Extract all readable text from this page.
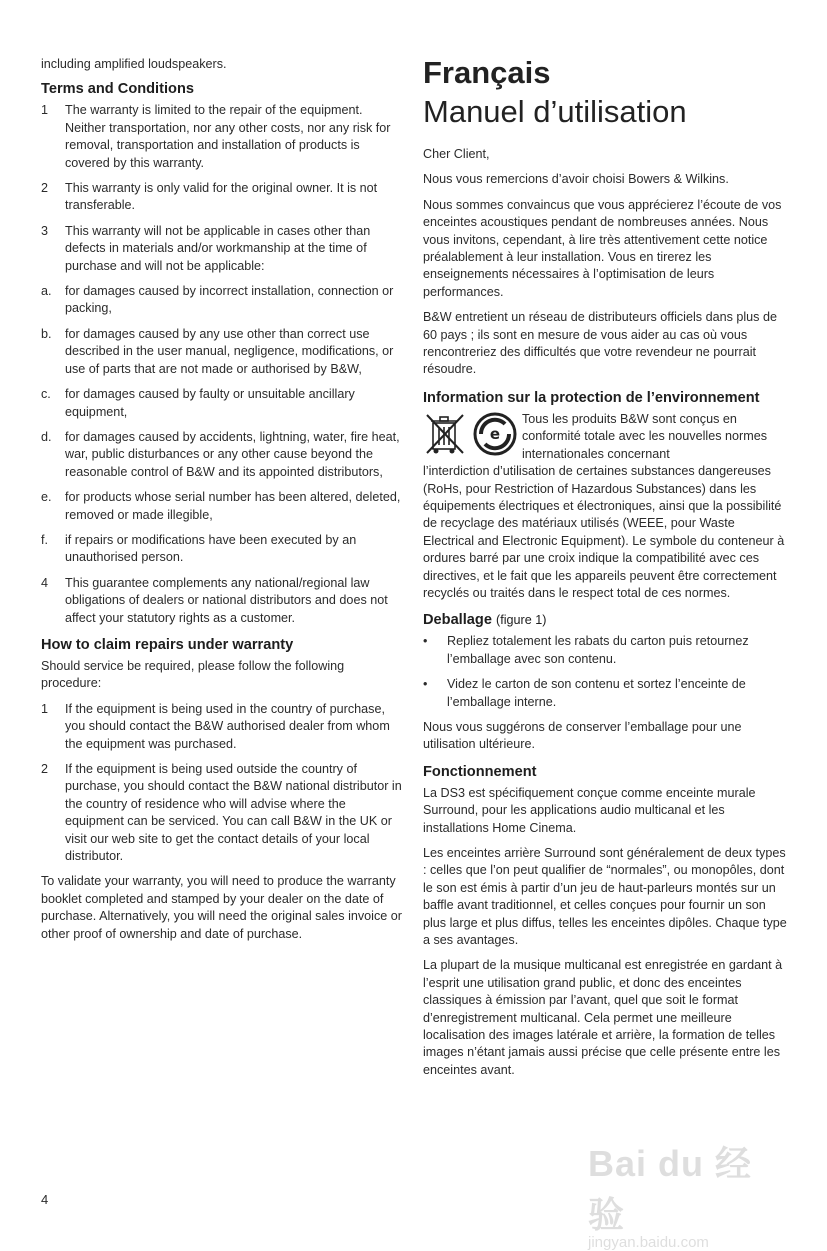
including amplified loudspeakers.

Terms and Conditions
1	The warranty is limited to the repair of the equipment. Neither transportation, nor any other costs, nor any risk for removal, transportation and installation of products is covered by this warranty.
2	This warranty is only valid for the original owner. It is not transferable.
3	This warranty will not be applicable in cases other than defects in materials and/or workmanship at the time of purchase and will not be applicable:
a.	for damages caused by incorrect installation, connection or packing,
b.	for damages caused by any use other than correct use described in the user manual, negligence, modifications, or use of parts that are not made or authorised by B&W,
c.	for damages caused by faulty or unsuitable ancillary equipment,
d.	for damages caused by accidents, lightning, water, fire heat, war, public disturbances or any other cause beyond the reasonable control of B&W and its appointed distributors,
e.	for products whose serial number has been altered, deleted, removed or made illegible,
f.	if repairs or modifications have been executed by an unauthorised person.
4	This guarantee complements any national/regional law obligations of dealers or national distributors and does not affect your statutory rights as a customer.
How to claim repairs under warranty

Should service be required, please follow the following procedure:

1	If the equipment is being used in the country of purchase, you should contact the B&W authorised dealer from whom the equipment was purchased.
2	If the equipment is being used outside the country of purchase, you should contact the B&W national distributor in the country of residence who will advise where the equipment can be serviced. You can call B&W in the UK or visit our web site to get the contact details of your local distributor.

To validate your warranty, you will need to produce the warranty booklet completed and stamped by your dealer on the date of purchase. Alternatively, you will need the original sales invoice or other proof of ownership and date of purchase.

Français
Manuel d’utilisation

Cher Client,

Nous vous remercions d’avoir choisi Bowers & Wilkins.

Nous sommes convaincus que vous apprécierez l’écoute de vos enceintes acoustiques pendant de nombreuses années. Nous vous invitons, cependant, à lire très attentivement cette notice préalablement à leur installation. Vous en tirerez les enseignements nécessaires à l’optimisation de leurs performances.

B&W entretient un réseau de distributeurs officiels dans plus de 60 pays ; ils sont en mesure de vous aider au cas où vous rencontreriez des difficultés que votre revendeur ne pourrait résoudre.

Information sur la protection de l’environnement
e
Tous les produits B&W sont conçus en conformité totale avec les nouvelles normes internationales concernant

l’interdiction d’utilisation de certaines substances dangereuses (RoHs, pour Restriction of Hazardous Substances) dans les équipements électriques et électroniques, ainsi que la possibilité de recyclage des matériaux utilisés (WEEE, pour Waste Electrical and Electronic Equipment). Le symbole du conteneur à ordures barré par une croix indique la compatibilité avec ces directives, et le fait que les appareils peuvent être correctement recyclés ou traités dans le respect total de ces normes.

Deballage (figure 1)
•	Repliez totalement les rabats du carton puis retournez l’emballage avec son contenu.
•	Videz le carton de son contenu et sortez l’enceinte de l’emballage interne.

Nous vous suggérons de conserver l’emballage pour une utilisation ultérieure.

Fonctionnement

La DS3 est spécifiquement conçue comme enceinte murale Surround, pour les applications audio multicanal et les installations Home Cinema.

Les enceintes arrière Surround sont généralement de deux types : celles que l’on peut qualifier de “normales”, ou monopôles, dont le son est émis à partir d’un jeu de haut-parleurs montés sur un baffle avant traditionnel, et celles conçues pour fournir un son plus large et plus diffus, telles les enceintes dipôles. Chaque type a ses avantages.

La plupart de la musique multicanal est enregistrée en gardant à l’esprit une utilisation grand public, et donc des enceintes classiques à émission par l’avant, quel que soit le format d’enregistrement multicanal. Cela permet une meilleure localisation des images latérale et arrière, la formation de telles images n’étant jamais aussi précise que celle présente entre les enceintes avant.

4
Bai du 经验
jingyan.baidu.com
